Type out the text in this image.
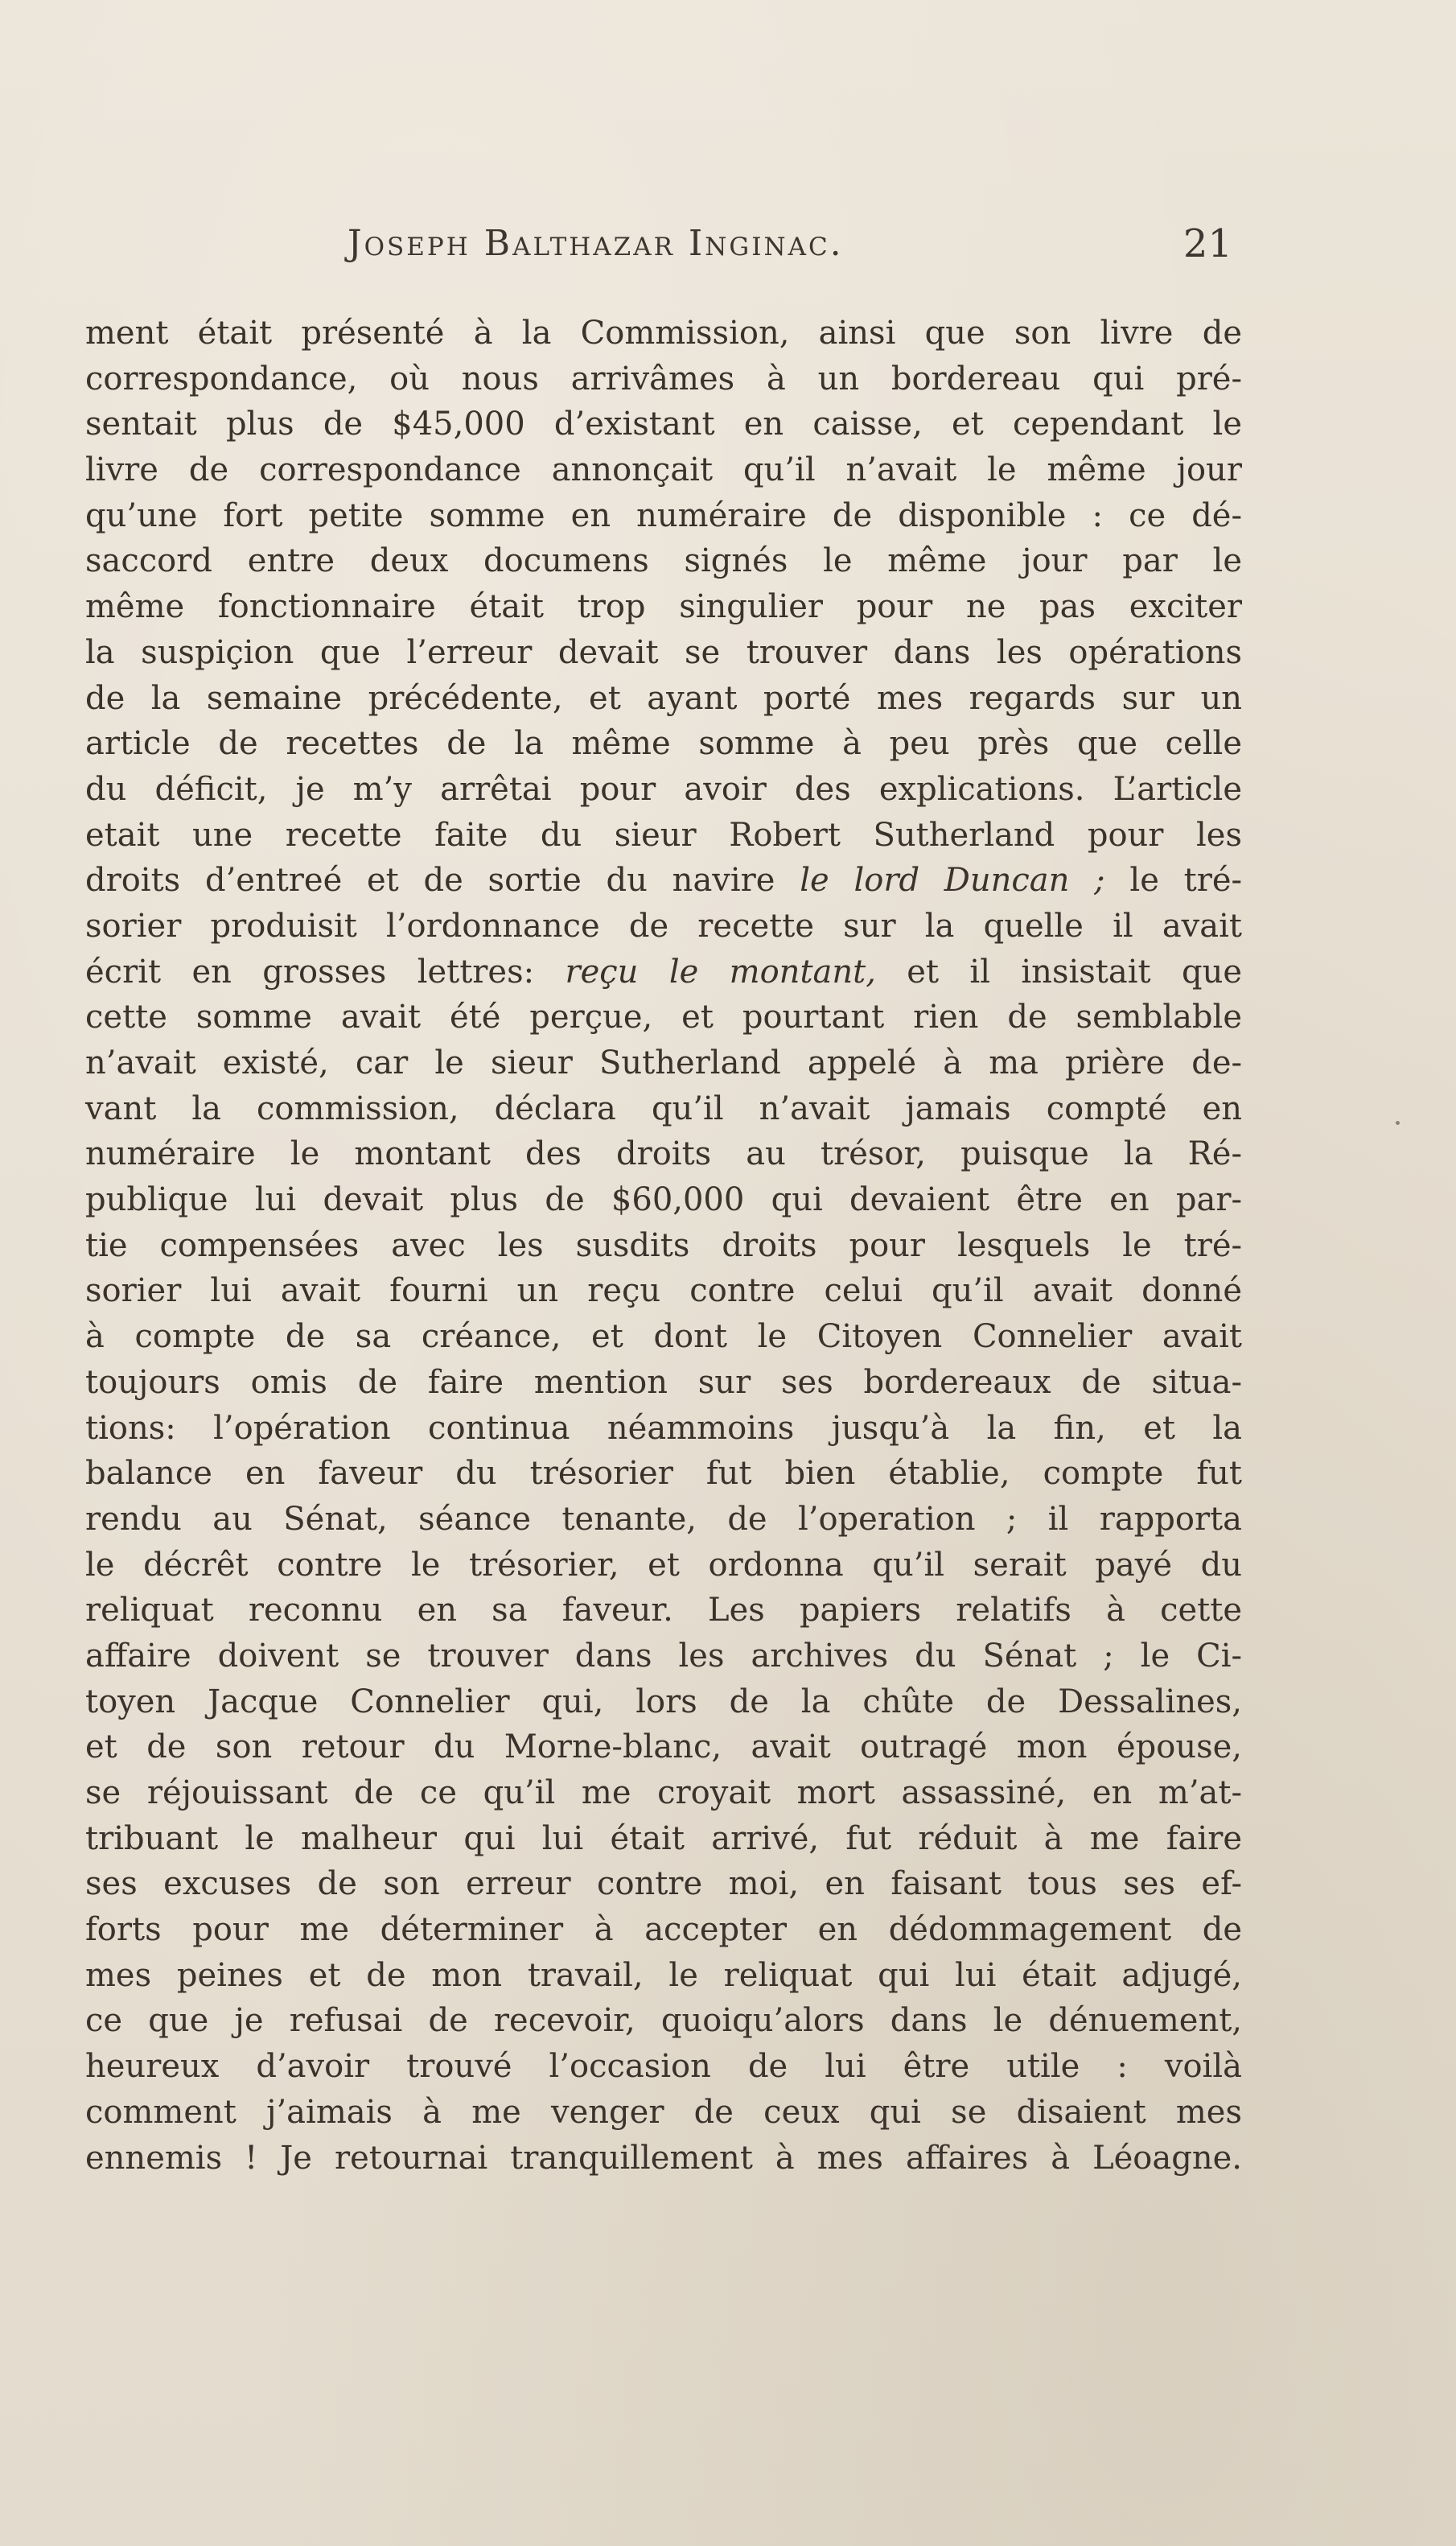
Joseph Balthazar Inginac.	21
ment était présenté à la Commission, ainsi que son livre de
correspondance, où nous arrivâmes à un bordereau qui pré-
sentait plus de $45,000 d’existant en caisse, et cependant le
livre de correspondance annonçait qu’il n’avait le même jour
qu’une fort petite somme en numéraire de disponible : ce dé-
saccord entre deux documens signés le même jour par le
même fonctionnaire était trop singulier pour ne pas exciter
la suspiçion que l’erreur devait se trouver dans les opérations
de la semaine précédente, et ayant porté mes regards sur un
article de recettes de la même somme à peu près que celle
du déficit, je m’y arrêtai pour avoir des explications. L’article
etait une recette faite du sieur Robert Sutherland pour les
droits d’entreé et de sortie du navire le lord Duncan ; le tré-
sorier produisit l’ordonnance de recette sur la quelle il avait
écrit en grosses lettres: reçu le montant, et il insistait que
cette somme avait été perçue, et pourtant rien de semblable
n’avait existé, car le sieur Sutherland appelé à ma prière de-
vant la commission, déclara qu’il n’avait jamais compté en
numéraire le montant des droits au trésor, puisque la Ré-
publique lui devait plus de $60,000 qui devaient être en par-
tie compensées avec les susdits droits pour lesquels le tré-
sorier lui avait fourni un reçu contre celui qu’il avait donné
à compte de sa créance, et dont le Citoyen Connelier avait
toujours omis de faire mention sur ses bordereaux de situa-
tions: l’opération continua néammoins jusqu’à la fin, et la
balance en faveur du trésorier fut bien établie, compte fut
rendu au Sénat, séance tenante, de l’operation ; il rapporta
le décrêt contre le trésorier, et ordonna qu’il serait payé du
reliquat reconnu en sa faveur. Les papiers relatifs à cette
affaire doivent se trouver dans les archives du Sénat ; le Ci-
toyen Jacque Connelier qui, lors de la chûte de Dessalines,
et de son retour du Morne-blanc, avait outragé mon épouse,
se réjouissant de ce qu’il me croyait mort assassiné, en m’at-
tribuant le malheur qui lui était arrivé, fut réduit à me faire
ses excuses de son erreur contre moi, en faisant tous ses ef-
forts pour me déterminer à accepter en dédommagement de
mes peines et de mon travail, le reliquat qui lui était adjugé,
ce que je refusai de recevoir, quoiqu’alors dans le dénuement,
heureux d’avoir trouvé l’occasion de lui être utile : voilà
comment j’aimais à me venger de ceux qui se disaient mes
ennemis ! Je retournai tranquillement à mes affaires à Léoagne.
